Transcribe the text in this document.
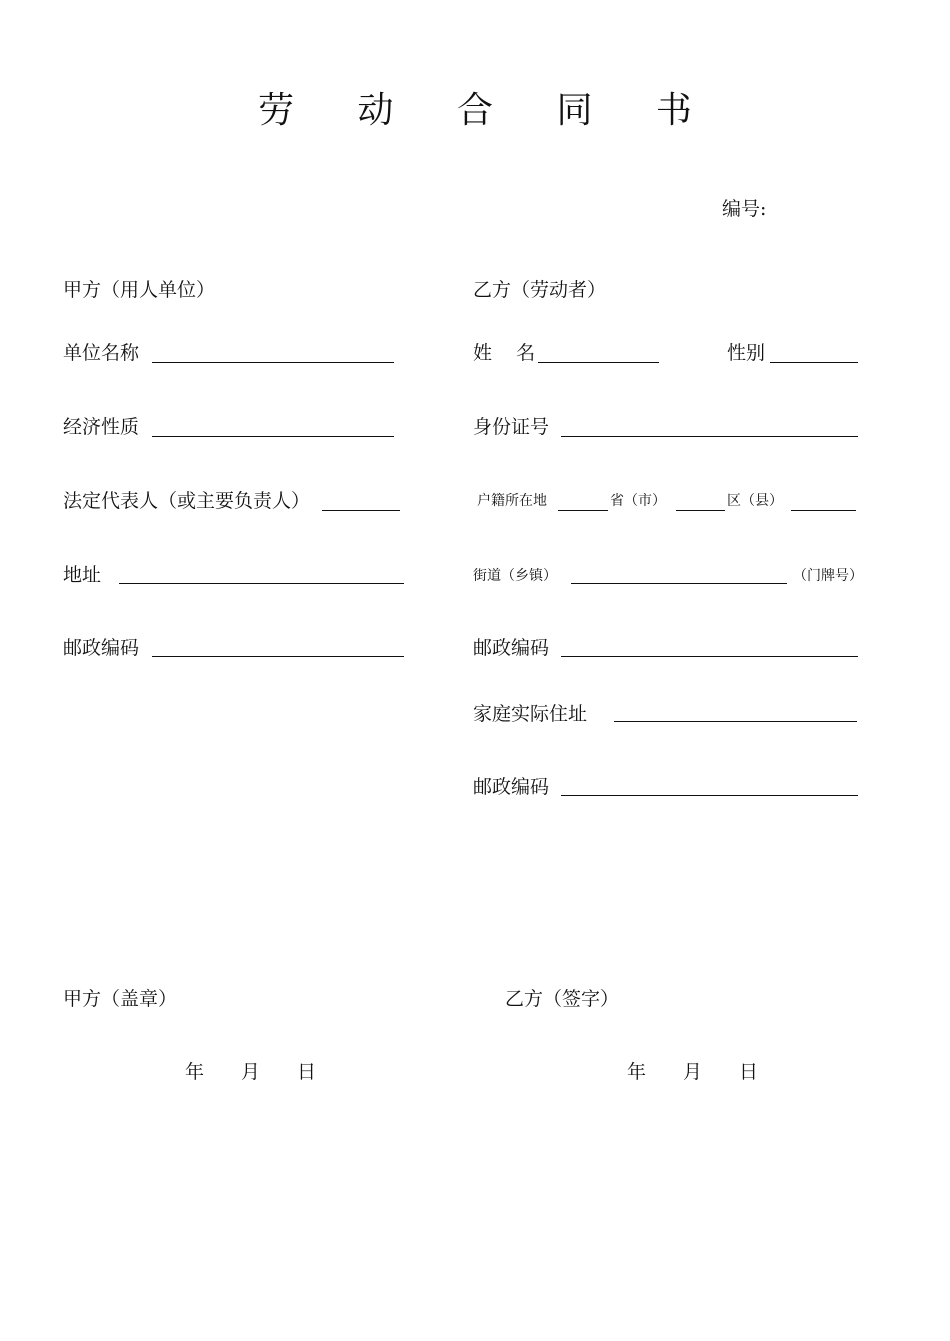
劳 动 合 同 书
编号:
甲方（用人单位）
单位名称
经济性质
法定代表人（或主要负责人）
地址
邮政编码
乙方（劳动者）
姓    名	性别
身份证号
户籍所在地	省（市）	区（县）
街道（乡镇）	（门牌号）
邮政编码
家庭实际住址
邮政编码
甲方（盖章）	乙方（签字）
年 月 日	年 月 日
